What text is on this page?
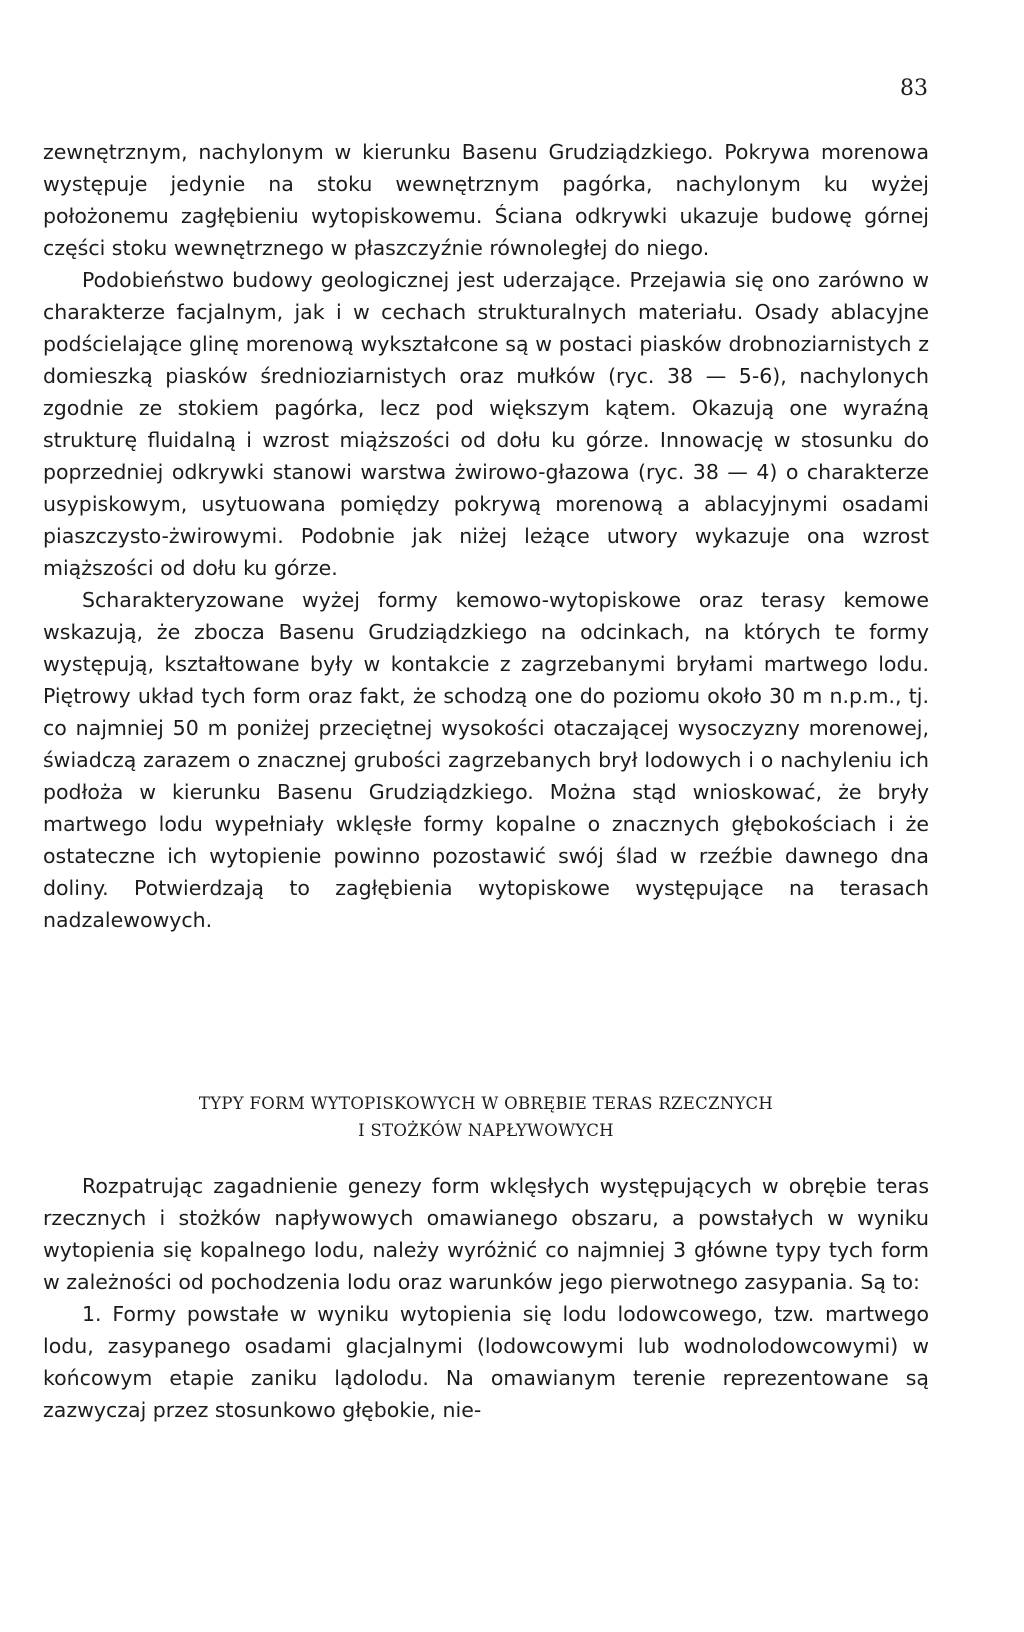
83

zewnętrznym, nachylonym w kierunku Basenu Grudziądzkiego. Pokrywa morenowa występuje jedynie na stoku wewnętrznym pagórka, nachylonym ku wyżej położonemu zagłębieniu wytopiskowemu. Ściana odkrywki ukazuje budowę górnej części stoku wewnętrznego w płaszczyźnie równoległej do niego.

Podobieństwo budowy geologicznej jest uderzające. Przejawia się ono zarówno w charakterze facjalnym, jak i w cechach strukturalnych materiału. Osady ablacyjne podścielające glinę morenową wykształcone są w postaci piasków drobnoziarnistych z domieszką piasków średnioziarnistych oraz mułków (ryc. 38 — 5-6), nachylonych zgodnie ze stokiem pagórka, lecz pod większym kątem. Okazują one wyraźną strukturę fluidalną i wzrost miąższości od dołu ku górze. Innowację w stosunku do poprzedniej odkrywki stanowi warstwa żwirowo-głazowa (ryc. 38 — 4) o charakterze usypiskowym, usytuowana pomiędzy pokrywą morenową a ablacyjnymi osadami piaszczysto-żwirowymi. Podobnie jak niżej leżące utwory wykazuje ona wzrost miąższości od dołu ku górze.

Scharakteryzowane wyżej formy kemowo-wytopiskowe oraz terasy kemowe wskazują, że zbocza Basenu Grudziądzkiego na odcinkach, na których te formy występują, kształtowane były w kontakcie z zagrzebanymi bryłami martwego lodu. Piętrowy układ tych form oraz fakt, że schodzą one do poziomu około 30 m n.p.m., tj. co najmniej 50 m poniżej przeciętnej wysokości otaczającej wysoczyzny morenowej, świadczą zarazem o znacznej grubości zagrzebanych brył lodowych i o nachyleniu ich podłoża w kierunku Basenu Grudziądzkiego. Można stąd wnioskować, że bryły martwego lodu wypełniały wklęsłe formy kopalne o znacznych głębokościach i że ostateczne ich wytopienie powinno pozostawić swój ślad w rzeźbie dawnego dna doliny. Potwierdzają to zagłębienia wytopiskowe występujące na terasach nadzalewowych.

TYPY FORM WYTOPISKOWYCH W OBRĘBIE TERAS RZECZNYCH
I STOŻKÓW NAPŁYWOWYCH

Rozpatrując zagadnienie genezy form wklęsłych występujących w obrębie teras rzecznych i stożków napływowych omawianego obszaru, a powstałych w wyniku wytopienia się kopalnego lodu, należy wyróżnić co najmniej 3 główne typy tych form w zależności od pochodzenia lodu oraz warunków jego pierwotnego zasypania. Są to:

1. Formy powstałe w wyniku wytopienia się lodu lodowcowego, tzw. martwego lodu, zasypanego osadami glacjalnymi (lodowcowymi lub wodnolodowcowymi) w końcowym etapie zaniku lądolodu. Na omawianym terenie reprezentowane są zazwyczaj przez stosunkowo głębokie, nie-
